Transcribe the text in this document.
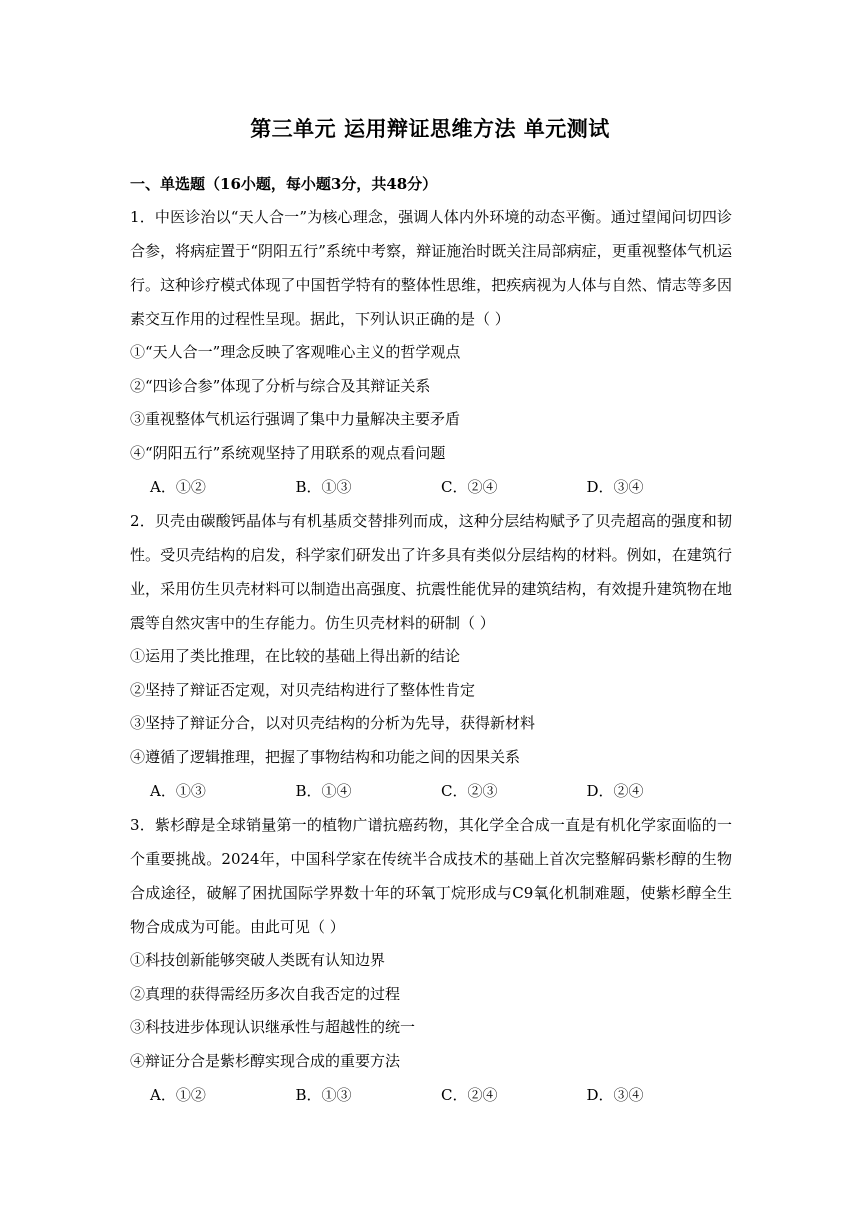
第三单元 运用辩证思维方法 单元测试
一、单选题（16小题，每小题3分，共48分）
1．中医诊治以“天人合一”为核心理念，强调人体内外环境的动态平衡。通过望闻问切四诊合参，将病症置于“阴阳五行”系统中考察，辩证施治时既关注局部病症，更重视整体气机运行。这种诊疗模式体现了中国哲学特有的整体性思维，把疾病视为人体与自然、情志等多因素交互作用的过程性呈现。据此，下列认识正确的是（ ）
①“天人合一”理念反映了客观唯心主义的哲学观点
②“四诊合参”体现了分析与综合及其辩证关系
③重视整体气机运行强调了集中力量解决主要矛盾
④“阴阳五行”系统观坚持了用联系的观点看问题
A．①②	B．①③	C．②④	D．③④
2．贝壳由碳酸钙晶体与有机基质交替排列而成，这种分层结构赋予了贝壳超高的强度和韧性。受贝壳结构的启发，科学家们研发出了许多具有类似分层结构的材料。例如，在建筑行业，采用仿生贝壳材料可以制造出高强度、抗震性能优异的建筑结构，有效提升建筑物在地震等自然灾害中的生存能力。仿生贝壳材料的研制（ ）
①运用了类比推理，在比较的基础上得出新的结论
②坚持了辩证否定观，对贝壳结构进行了整体性肯定
③坚持了辩证分合，以对贝壳结构的分析为先导，获得新材料
④遵循了逻辑推理，把握了事物结构和功能之间的因果关系
A．①③	B．①④	C．②③	D．②④
3．紫杉醇是全球销量第一的植物广谱抗癌药物，其化学全合成一直是有机化学家面临的一个重要挑战。2024年，中国科学家在传统半合成技术的基础上首次完整解码紫杉醇的生物合成途径，破解了困扰国际学界数十年的环氧丁烷形成与C9氧化机制难题，使紫杉醇全生物合成成为可能。由此可见（ ）
①科技创新能够突破人类既有认知边界
②真理的获得需经历多次自我否定的过程
③科技进步体现认识继承性与超越性的统一
④辩证分合是紫杉醇实现合成的重要方法
A．①②	B．①③	C．②④	D．③④
